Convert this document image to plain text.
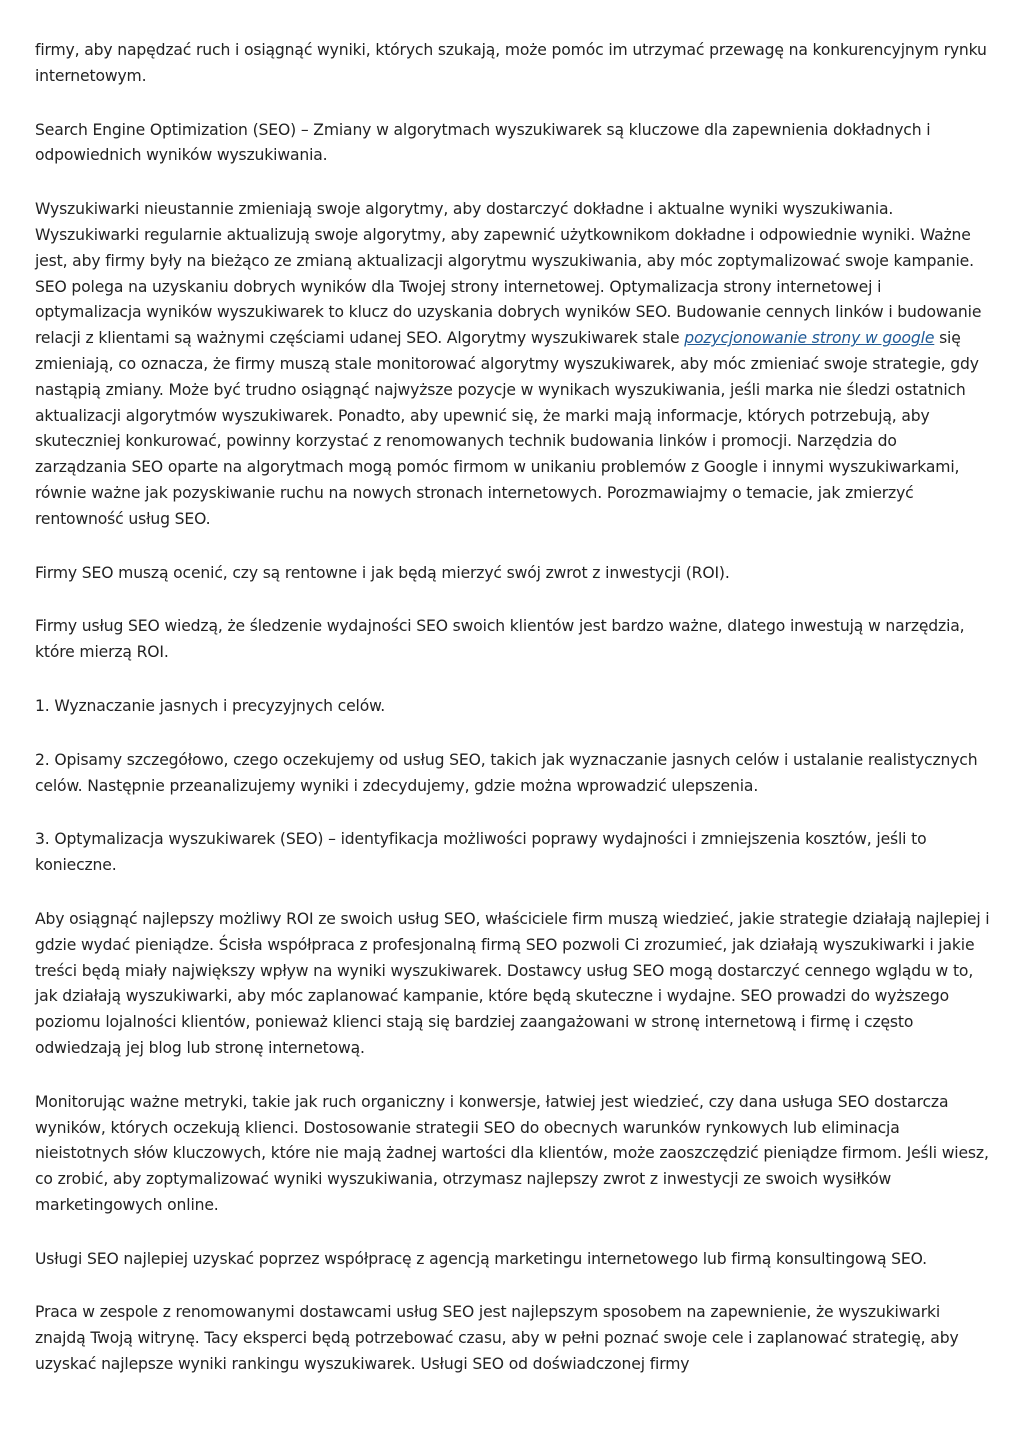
firmy, aby napędzać ruch i osiągnąć wyniki, których szukają, może pomóc im utrzymać przewagę na konkurencyjnym rynku internetowym.

Search Engine Optimization (SEO) – Zmiany w algorytmach wyszukiwarek są kluczowe dla zapewnienia dokładnych i odpowiednich wyników wyszukiwania.

Wyszukiwarki nieustannie zmieniają swoje algorytmy, aby dostarczyć dokładne i aktualne wyniki wyszukiwania. Wyszukiwarki regularnie aktualizują swoje algorytmy, aby zapewnić użytkownikom dokładne i odpowiednie wyniki. Ważne jest, aby firmy były na bieżąco ze zmianą aktualizacji algorytmu wyszukiwania, aby móc zoptymalizować swoje kampanie. SEO polega na uzyskaniu dobrych wyników dla Twojej strony internetowej. Optymalizacja strony internetowej i optymalizacja wyników wyszukiwarek to klucz do uzyskania dobrych wyników SEO. Budowanie cennych linków i budowanie relacji z klientami są ważnymi częściami udanej SEO. Algorytmy wyszukiwarek stale pozycjonowanie strony w google się zmieniają, co oznacza, że firmy muszą stale monitorować algorytmy wyszukiwarek, aby móc zmieniać swoje strategie, gdy nastąpią zmiany. Może być trudno osiągnąć najwyższe pozycje w wynikach wyszukiwania, jeśli marka nie śledzi ostatnich aktualizacji algorytmów wyszukiwarek. Ponadto, aby upewnić się, że marki mają informacje, których potrzebują, aby skuteczniej konkurować, powinny korzystać z renomowanych technik budowania linków i promocji. Narzędzia do zarządzania SEO oparte na algorytmach mogą pomóc firmom w unikaniu problemów z Google i innymi wyszukiwarkami, równie ważne jak pozyskiwanie ruchu na nowych stronach internetowych. Porozmawiajmy o temacie, jak zmierzyć rentowność usług SEO.

Firmy SEO muszą ocenić, czy są rentowne i jak będą mierzyć swój zwrot z inwestycji (ROI).

Firmy usług SEO wiedzą, że śledzenie wydajności SEO swoich klientów jest bardzo ważne, dlatego inwestują w narzędzia, które mierzą ROI.

1. Wyznaczanie jasnych i precyzyjnych celów.

2. Opisamy szczegółowo, czego oczekujemy od usług SEO, takich jak wyznaczanie jasnych celów i ustalanie realistycznych celów. Następnie przeanalizujemy wyniki i zdecydujemy, gdzie można wprowadzić ulepszenia.

3. Optymalizacja wyszukiwarek (SEO) – identyfikacja możliwości poprawy wydajności i zmniejszenia kosztów, jeśli to konieczne.

Aby osiągnąć najlepszy możliwy ROI ze swoich usług SEO, właściciele firm muszą wiedzieć, jakie strategie działają najlepiej i gdzie wydać pieniądze. Ścisła współpraca z profesjonalną firmą SEO pozwoli Ci zrozumieć, jak działają wyszukiwarki i jakie treści będą miały największy wpływ na wyniki wyszukiwarek. Dostawcy usług SEO mogą dostarczyć cennego wglądu w to, jak działają wyszukiwarki, aby móc zaplanować kampanie, które będą skuteczne i wydajne. SEO prowadzi do wyższego poziomu lojalności klientów, ponieważ klienci stają się bardziej zaangażowani w stronę internetową i firmę i często odwiedzają jej blog lub stronę internetową.

Monitorując ważne metryki, takie jak ruch organiczny i konwersje, łatwiej jest wiedzieć, czy dana usługa SEO dostarcza wyników, których oczekują klienci. Dostosowanie strategii SEO do obecnych warunków rynkowych lub eliminacja nieistotnych słów kluczowych, które nie mają żadnej wartości dla klientów, może zaoszczędzić pieniądze firmom. Jeśli wiesz, co zrobić, aby zoptymalizować wyniki wyszukiwania, otrzymasz najlepszy zwrot z inwestycji ze swoich wysiłków marketingowych online.

Usługi SEO najlepiej uzyskać poprzez współpracę z agencją marketingu internetowego lub firmą konsultingową SEO.

Praca w zespole z renomowanymi dostawcami usług SEO jest najlepszym sposobem na zapewnienie, że wyszukiwarki znajdą Twoją witrynę. Tacy eksperci będą potrzebować czasu, aby w pełni poznać swoje cele i zaplanować strategię, aby uzyskać najlepsze wyniki rankingu wyszukiwarek. Usługi SEO od doświadczonej firmy
